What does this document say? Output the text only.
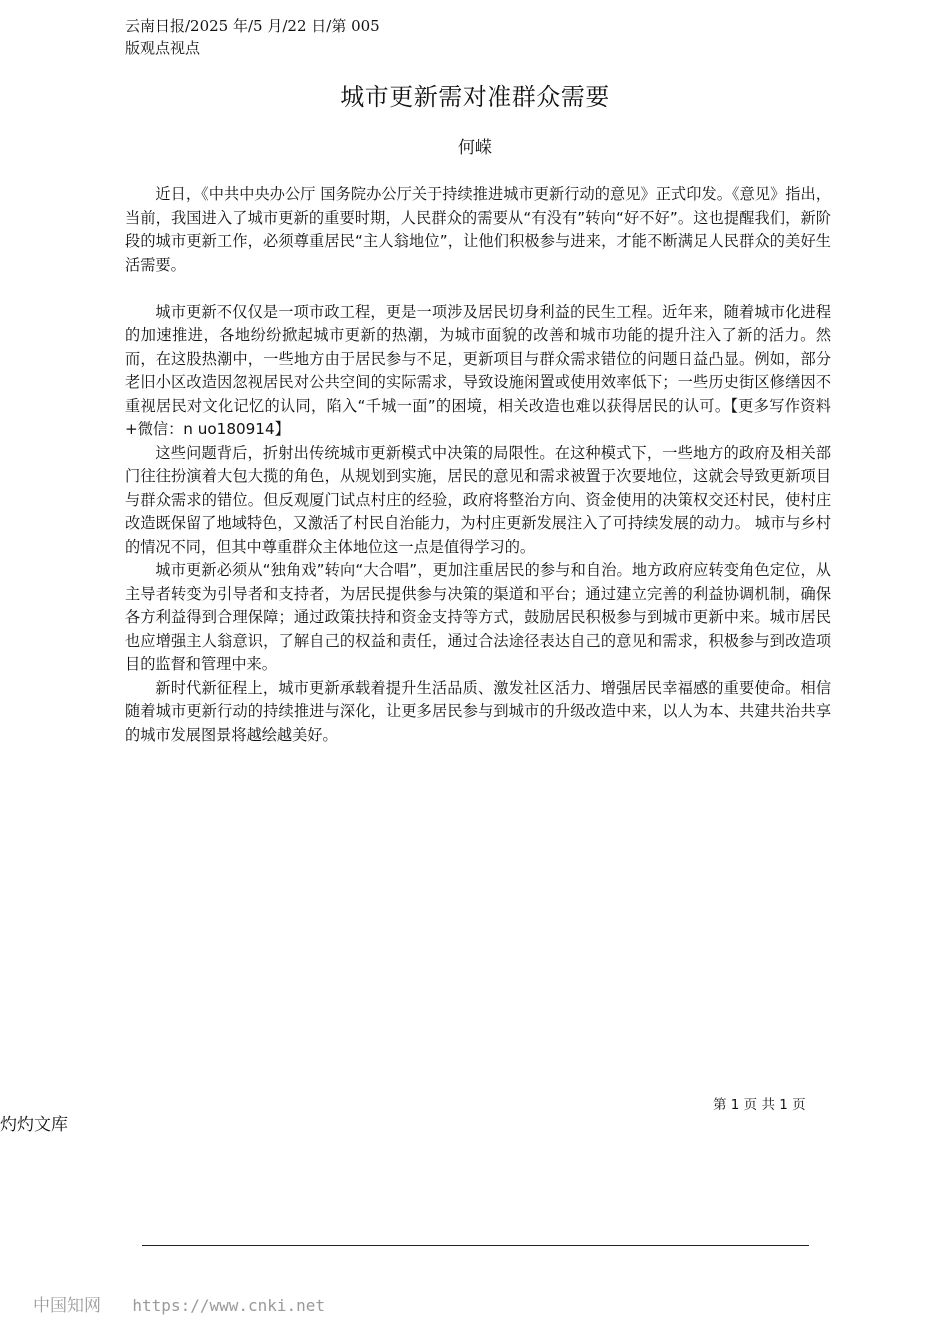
云南日报/2025 年/5 月/22 日/第 005
版观点视点
城市更新需对准群众需要
何嵘

近日，《中共中央办公厅 国务院办公厅关于持续推进城市更新行动的意见》正式印发。《意见》指出，当前，我国进入了城市更新的重要时期，人民群众的需要从“有没有”转向“好不好”。这也提醒我们，新阶段的城市更新工作，必须尊重居民“主人翁地位”，让他们积极参与进来，才能不断满足人民群众的美好生活需要。

城市更新不仅仅是一项市政工程，更是一项涉及居民切身利益的民生工程。近年来，随着城市化进程的加速推进，各地纷纷掀起城市更新的热潮，为城市面貌的改善和城市功能的提升注入了新的活力。然而，在这股热潮中，一些地方由于居民参与不足，更新项目与群众需求错位的问题日益凸显。例如，部分老旧小区改造因忽视居民对公共空间的实际需求，导致设施闲置或使用效率低下；一些历史街区修缮因不重视居民对文化记忆的认同，陷入“千城一面”的困境，相关改造也难以获得居民的认可。【更多写作资料+微信：n uo180914】

这些问题背后，折射出传统城市更新模式中决策的局限性。在这种模式下，一些地方的政府及相关部门往往扮演着大包大揽的角色，从规划到实施，居民的意见和需求被置于次要地位，这就会导致更新项目与群众需求的错位。但反观厦门试点村庄的经验，政府将整治方向、资金使用的决策权交还村民，使村庄改造既保留了地域特色，又激活了村民自治能力，为村庄更新发展注入了可持续发展的动力。 城市与乡村的情况不同，但其中尊重群众主体地位这一点是值得学习的。

城市更新必须从“独角戏”转向“大合唱”，更加注重居民的参与和自治。地方政府应转变角色定位，从主导者转变为引导者和支持者，为居民提供参与决策的渠道和平台；通过建立完善的利益协调机制，确保各方利益得到合理保障；通过政策扶持和资金支持等方式，鼓励居民积极参与到城市更新中来。城市居民也应增强主人翁意识，了解自己的权益和责任，通过合法途径表达自己的意见和需求，积极参与到改造项目的监督和管理中来。

新时代新征程上，城市更新承载着提升生活品质、激发社区活力、增强居民幸福感的重要使命。相信随着城市更新行动的持续推进与深化，让更多居民参与到城市的升级改造中来，以人为本、共建共治共享的城市发展图景将越绘越美好。

第 1 页 共 1 页
灼灼文库
中国知网 https://www.cnki.net
